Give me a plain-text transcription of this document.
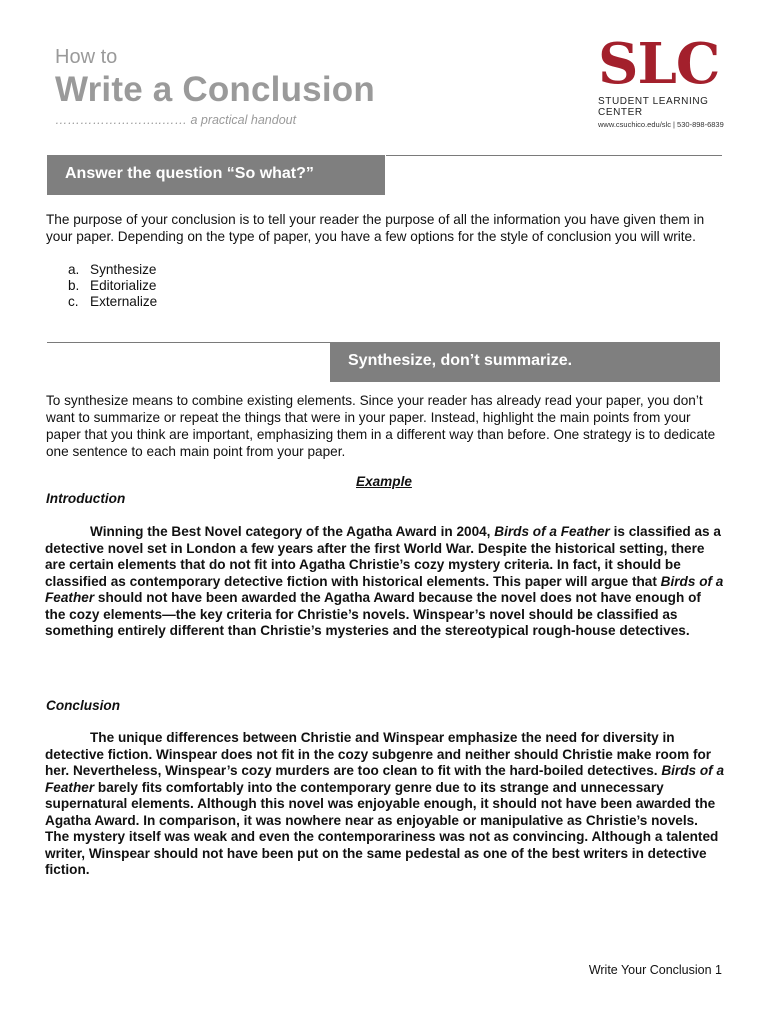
How to
Write a Conclusion
……………………..…… a practical handout
SLC
STUDENT LEARNING CENTER
www.csuchico.edu/slc | 530-898-6839
Answer the question “So what?”
The purpose of your conclusion is to tell your reader the purpose of all the information you have given them in your paper. Depending on the type of paper, you have a few options for the style of conclusion you will write.
a. Synthesize
b. Editorialize
c. Externalize
Synthesize, don’t summarize.
To synthesize means to combine existing elements. Since your reader has already read your paper, you don’t want to summarize or repeat the things that were in your paper. Instead, highlight the main points from your paper that you think are important, emphasizing them in a different way than before. One strategy is to dedicate one sentence to each main point from your paper.
Example
Introduction
Winning the Best Novel category of the Agatha Award in 2004, Birds of a Feather is classified as a detective novel set in London a few years after the first World War. Despite the historical setting, there are certain elements that do not fit into Agatha Christie’s cozy mystery criteria. In fact, it should be classified as contemporary detective fiction with historical elements. This paper will argue that Birds of a Feather should not have been awarded the Agatha Award because the novel does not have enough of the cozy elements—the key criteria for Christie’s novels. Winspear’s novel should be classified as something entirely different than Christie’s mysteries and the stereotypical rough-house detectives.
Conclusion
The unique differences between Christie and Winspear emphasize the need for diversity in detective fiction. Winspear does not fit in the cozy subgenre and neither should Christie make room for her. Nevertheless, Winspear’s cozy murders are too clean to fit with the hard-boiled detectives. Birds of a Feather barely fits comfortably into the contemporary genre due to its strange and unnecessary supernatural elements. Although this novel was enjoyable enough, it should not have been awarded the Agatha Award. In comparison, it was nowhere near as enjoyable or manipulative as Christie’s novels. The mystery itself was weak and even the contemporariness was not as convincing. Although a talented writer, Winspear should not have been put on the same pedestal as one of the best writers in detective fiction.
Write Your Conclusion 1
